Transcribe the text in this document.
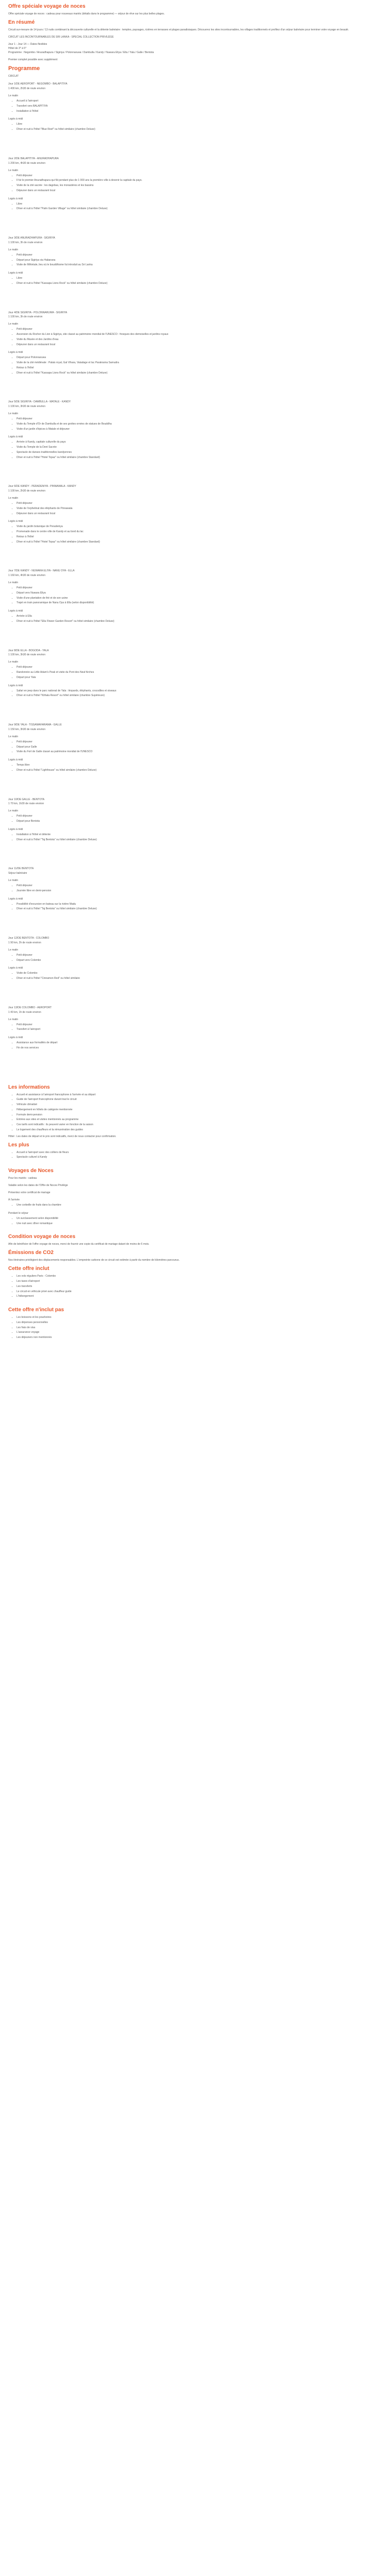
Offre spéciale voyage de noces
Offre spéciale voyage de noces : cadeau pour nouveaux mariés (détails dans le programme) — séjour de rêve sur les plus belles plages.
En résumé
Circuit sur-mesure de 14 jours / 13 nuits combinant la découverte culturelle et la détente balnéaire : temples, paysages, rizières en terrasses et plages paradisiaques. Découvrez les sites incontournables, les villages traditionnels et profitez d'un séjour balnéaire pour terminer votre voyage en beauté.
CIRCUIT LES INCONTOURNABLES DE SRI LANKA - SPECIAL COLLECTION PRIVILÈGE
Jour 1 - Jour 14 — Dates flexibles
Hôtel de 3* à 5*
Programme : Negombo / Anuradhapura / Sigiriya / Polonnaruwa / Dambulla / Kandy / Nuwara Eliya / Ella / Yala / Galle / Bentota
Premier complet possible avec supplément
Programme
CIRCUIT
Jour 1/DE AEROPORT - NEGOMBO - BALAPITIYA
1 400 km, 2h30 de route environ
Le matin
• Accueil à l'aéroport
• Transfert vers BALAPITIYA
• Installation à l'hôtel
Logés à midi
• Libre
• Dîner et nuit à l'hôtel "Blue Reef" ou hôtel similaire (chambre Deluxe)
Jour 2/DE BALAPITIYA - ANURADHAPURA
1 200 km, 4h30 de route environ
Le matin
• Petit déjeuner
• Il fut le premier Anuradhapura qui fût pendant plus de 1 000 ans la première ville à devenir la capitale du pays.
• Visite de la cité sacrée : les dagobas, les monastères et les bassins
• Déjeuner dans un restaurant local
Logés à midi
• Libre
• Dîner et nuit à l'hôtel "Palm Garden Village" ou hôtel similaire (chambre Deluxe)
Jour 3/DE ANURADHAPURA - SIGIRIYA
1 100 km, 3h de route environ
Le matin
• Petit déjeuner
• Départ pour Sigiriya via Habarana
• Visite de Mihintale, lieu où le bouddhisme fut introduit au Sri Lanka
Logés à midi
• Libre
• Dîner et nuit à l'hôtel "Kassapa Lions Rock" ou hôtel similaire (chambre Deluxe)
Jour 4/DE SIGIRIYA - POLONNARUWA - SIGIRIYA
1 100 km, 3h de route environ
Le matin
• Petit déjeuner
• Ascension du Rocher du Lion à Sigiriya, site classé au patrimoine mondial de l'UNESCO : fresques des demoiselles et jardins royaux
• Visite du Musée et des Jardins d'eau
• Déjeuner dans un restaurant local
Logés à midi
• Départ pour Polonnaruwa
• Visite de la cité médiévale : Palais royal, Gal Vihara, Vatadage et lac Parakrama Samudra
• Retour à l'hôtel
• Dîner et nuit à l'hôtel "Kassapa Lions Rock" ou hôtel similaire (chambre Deluxe)
Jour 5/DE SIGIRIYA - DAMBULLA - MATALE - KANDY
1 100 km, 3h30 de route environ
Le matin
• Petit déjeuner
• Visite du Temple d'Or de Dambulla et de ses grottes ornées de statues de Bouddha
• Visite d'un jardin d'épices à Matale et déjeuner
Logés à midi
• Arrivée à Kandy, capitale culturelle du pays
• Visite du Temple de la Dent Sacrée
• Spectacle de danses traditionnelles kandyennes
• Dîner et nuit à l'hôtel "Hotel Topaz" ou hôtel similaire (chambre Standard)
Jour 6/DE KANDY - PERADENIYA - PINNAWALA - KANDY
1 100 km, 2h30 de route environ
Le matin
• Petit déjeuner
• Visite de l'orphelinat des éléphants de Pinnawala
• Déjeuner dans un restaurant local
Logés à midi
• Visite du jardin botanique de Peradeniya
• Promenade dans le centre ville de Kandy et au bord du lac
• Retour à l'hôtel
• Dîner et nuit à l'hôtel "Hotel Topaz" ou hôtel similaire (chambre Standard)
Jour 7/DE KANDY - NUWARA ELIYA - NANU OYA - ELLA
1 160 km, 4h30 de route environ
Le matin
• Petit déjeuner
• Départ vers Nuwara Eliya
• Visite d'une plantation de thé et de son usine
• Trajet en train panoramique de Nanu Oya à Ella (selon disponibilité)
Logés à midi
• Arrivée à Ella
• Dîner et nuit à l'hôtel "Ella Flower Garden Resort" ou hôtel similaire (chambre Deluxe)
Jour 8/DE ELLA - BOGODA - YALA
1 100 km, 3h30 de route environ
Le matin
• Petit déjeuner
• Randonnée au Little Adam's Peak et visite du Pont des Neuf Arches
• Départ pour Yala
Logés à midi
• Safari en jeep dans le parc national de Yala : léopards, éléphants, crocodiles et oiseaux
• Dîner et nuit à l'hôtel "Kithala Resort" ou hôtel similaire (chambre Supérieure)
Jour 9/DE YALA - TISSAMAHARAMA - GALLE
1 150 km, 3h30 de route environ
Le matin
• Petit déjeuner
• Départ pour Galle
• Visite du Fort de Galle classé au patrimoine mondial de l'UNESCO
Logés à midi
• Temps libre
• Dîner et nuit à l'hôtel "Lighthouse" ou hôtel similaire (chambre Deluxe)
Jour 10/DE GALLE - BENTOTA
1 70 km, 1h30 de route environ
Le matin
• Petit déjeuner
• Départ pour Bentota
Logés à midi
• Installation à l'hôtel et détente
• Dîner et nuit à l'hôtel "Taj Bentota" ou hôtel similaire (chambre Deluxe)
Jour 11/DE BENTOTA
Séjour balnéaire
Le matin
• Petit déjeuner
• Journée libre en demi-pension
Logés à midi
• Possibilité d'excursion en bateau sur la rivière Madu
• Dîner et nuit à l'hôtel "Taj Bentota" ou hôtel similaire (chambre Deluxe)
Jour 12/DE BENTOTA - COLOMBO
1 90 km, 2h de route environ
Le matin
• Petit déjeuner
• Départ vers Colombo
Logés à midi
• Visite de Colombo
• Dîner et nuit à l'hôtel "Cinnamon Red" ou hôtel similaire
Jour 13/DE COLOMBO - AEROPORT
1 40 km, 1h de route environ
Le matin
• Petit déjeuner
• Transfert à l'aéroport
Logés à midi
• Assistance aux formalités de départ
• Fin de nos services
Les informations
• Accueil et assistance à l'aéroport francophone à l'arrivée et au départ
• Guide de l'aéroport francophone durant tout le circuit
• Véhicule climatisé
• Hébergement en hôtels de catégorie mentionnée
• Formule demi-pension
• Entrées aux sites et visites mentionnés au programme
• Ces tarifs sont indicatifs : ils peuvent varier en fonction de la saison
• Le logement des chauffeurs et la rémunération des guides
Hôtel : Les dates de départ et le prix sont indicatifs, merci de nous contacter pour confirmation.
Les plus
• Accueil à l'aéroport avec des colliers de fleurs
• Spectacle culturel à Kandy
Voyages de Noces
Pour les mariés : cadeau
Valable selon les dates de l'Offre de Noces Privilège
Présentez votre certificat de mariage
À l'arrivée
• Une corbeille de fruits dans la chambre
Pendant le séjour
• Un surclassement selon disponibilité
• Une nuit avec dîner romantique
Condition voyage de noces
Afin de bénéficier de l'offre voyage de noces, merci de fournir une copie du certificat de mariage datant de moins de 6 mois.
Émissions de CO2
Nos itinéraires privilégient des déplacements responsables. L'empreinte carbone de ce circuit est estimée à partir du nombre de kilomètres parcourus.
Cette offre inclut
• Les vols réguliers Paris - Colombo
• Les taxes d'aéroport
• Les transferts
• Le circuit en véhicule privé avec chauffeur guide
• L'hébergement
Cette offre n'inclut pas
• Les boissons et les pourboires
• Les dépenses personnelles
• Les frais de visa
• L'assurance voyage
• Les déjeuners non mentionnés
